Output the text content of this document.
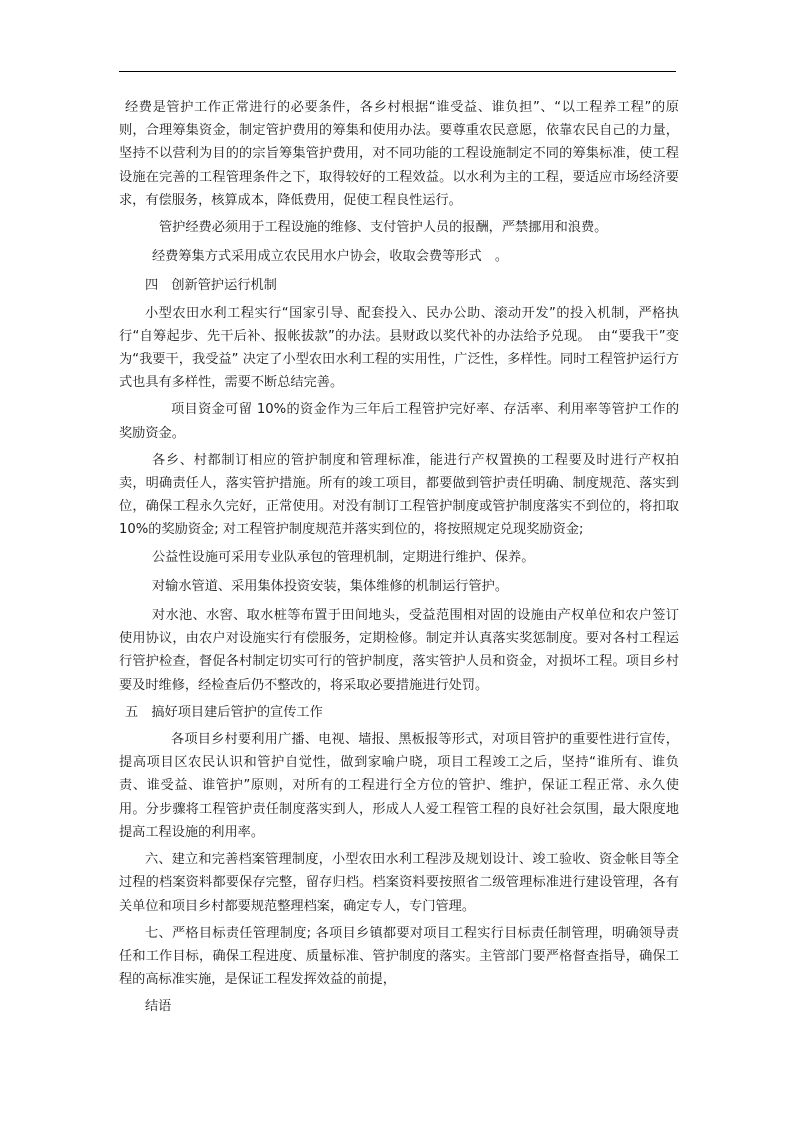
经费是管护工作正常进行的必要条件，各乡村根据“谁受益、谁负担”、“以工程养工程”的原则，合理筹集资金，制定管护费用的筹集和使用办法。要尊重农民意愿，依靠农民自己的力量，坚持不以营利为目的的宗旨筹集管护费用，对不同功能的工程设施制定不同的筹集标准，使工程设施在完善的工程管理条件之下，取得较好的工程效益。以水利为主的工程，要适应市场经济要求，有偿服务，核算成本，降低费用，促使工程良性运行。

管护经费必须用于工程设施的维修、支付管护人员的报酬，严禁挪用和浪费。

经费筹集方式采用成立农民用水户协会，收取会费等形式　。

四　创新管护运行机制

小型农田水利工程实行“国家引导、配套投入、民办公助、滚动开发”的投入机制，严格执行“自筹起步、先干后补、报帐拔款”的办法。县财政以奖代补的办法给予兑现。　由“要我干”变为“我要干，我受益” 决定了小型农田水利工程的实用性，广泛性，多样性。同时工程管护运行方式也具有多样性，需要不断总结完善。

项目资金可留 10%的资金作为三年后工程管护完好率、存活率、利用率等管护工作的奖励资金。

各乡、村都制订相应的管护制度和管理标准，能进行产权置换的工程要及时进行产权拍卖，明确责任人，落实管护措施。所有的竣工项目，都要做到管护责任明确、制度规范、落实到位，确保工程永久完好，正常使用。对没有制订工程管护制度或管护制度落实不到位的，将扣取 10%的奖励资金; 对工程管护制度规范并落实到位的，将按照规定兑现奖励资金;

公益性设施可采用专业队承包的管理机制，定期进行维护、保养。

对输水管道、采用集体投资安装，集体维修的机制运行管护。

对水池、水窖、取水桩等布置于田间地头，受益范围相对固的设施由产权单位和农户签订使用协议，由农户对设施实行有偿服务，定期检修。制定并认真落实奖惩制度。要对各村工程运行管护检查，督促各村制定切实可行的管护制度，落实管护人员和资金，对损坏工程。项目乡村要及时维修，经检查后仍不整改的，将采取必要措施进行处罚。

五　搞好项目建后管护的宣传工作

各项目乡村要利用广播、电视、墙报、黑板报等形式，对项目管护的重要性进行宣传，提高项目区农民认识和管护自觉性，做到家喻户晓，项目工程竣工之后，坚持“谁所有、谁负责、谁受益、谁管护”原则，对所有的工程进行全方位的管护、维护，保证工程正常、永久使用。分步骤将工程管护责任制度落实到人，形成人人爱工程管工程的良好社会氛围，最大限度地提高工程设施的利用率。

六、建立和完善档案管理制度，小型农田水利工程涉及规划设计、竣工验收、资金帐目等全过程的档案资料都要保存完整，留存归档。档案资料要按照省二级管理标准进行建设管理，各有关单位和项目乡村都要规范整理档案，确定专人，专门管理。

七、严格目标责任管理制度; 各项目乡镇都要对项目工程实行目标责任制管理，明确领导责任和工作目标，确保工程进度、质量标准、管护制度的落实。主管部门要严格督查指导，确保工程的高标准实施，是保证工程发挥效益的前提，

结语
